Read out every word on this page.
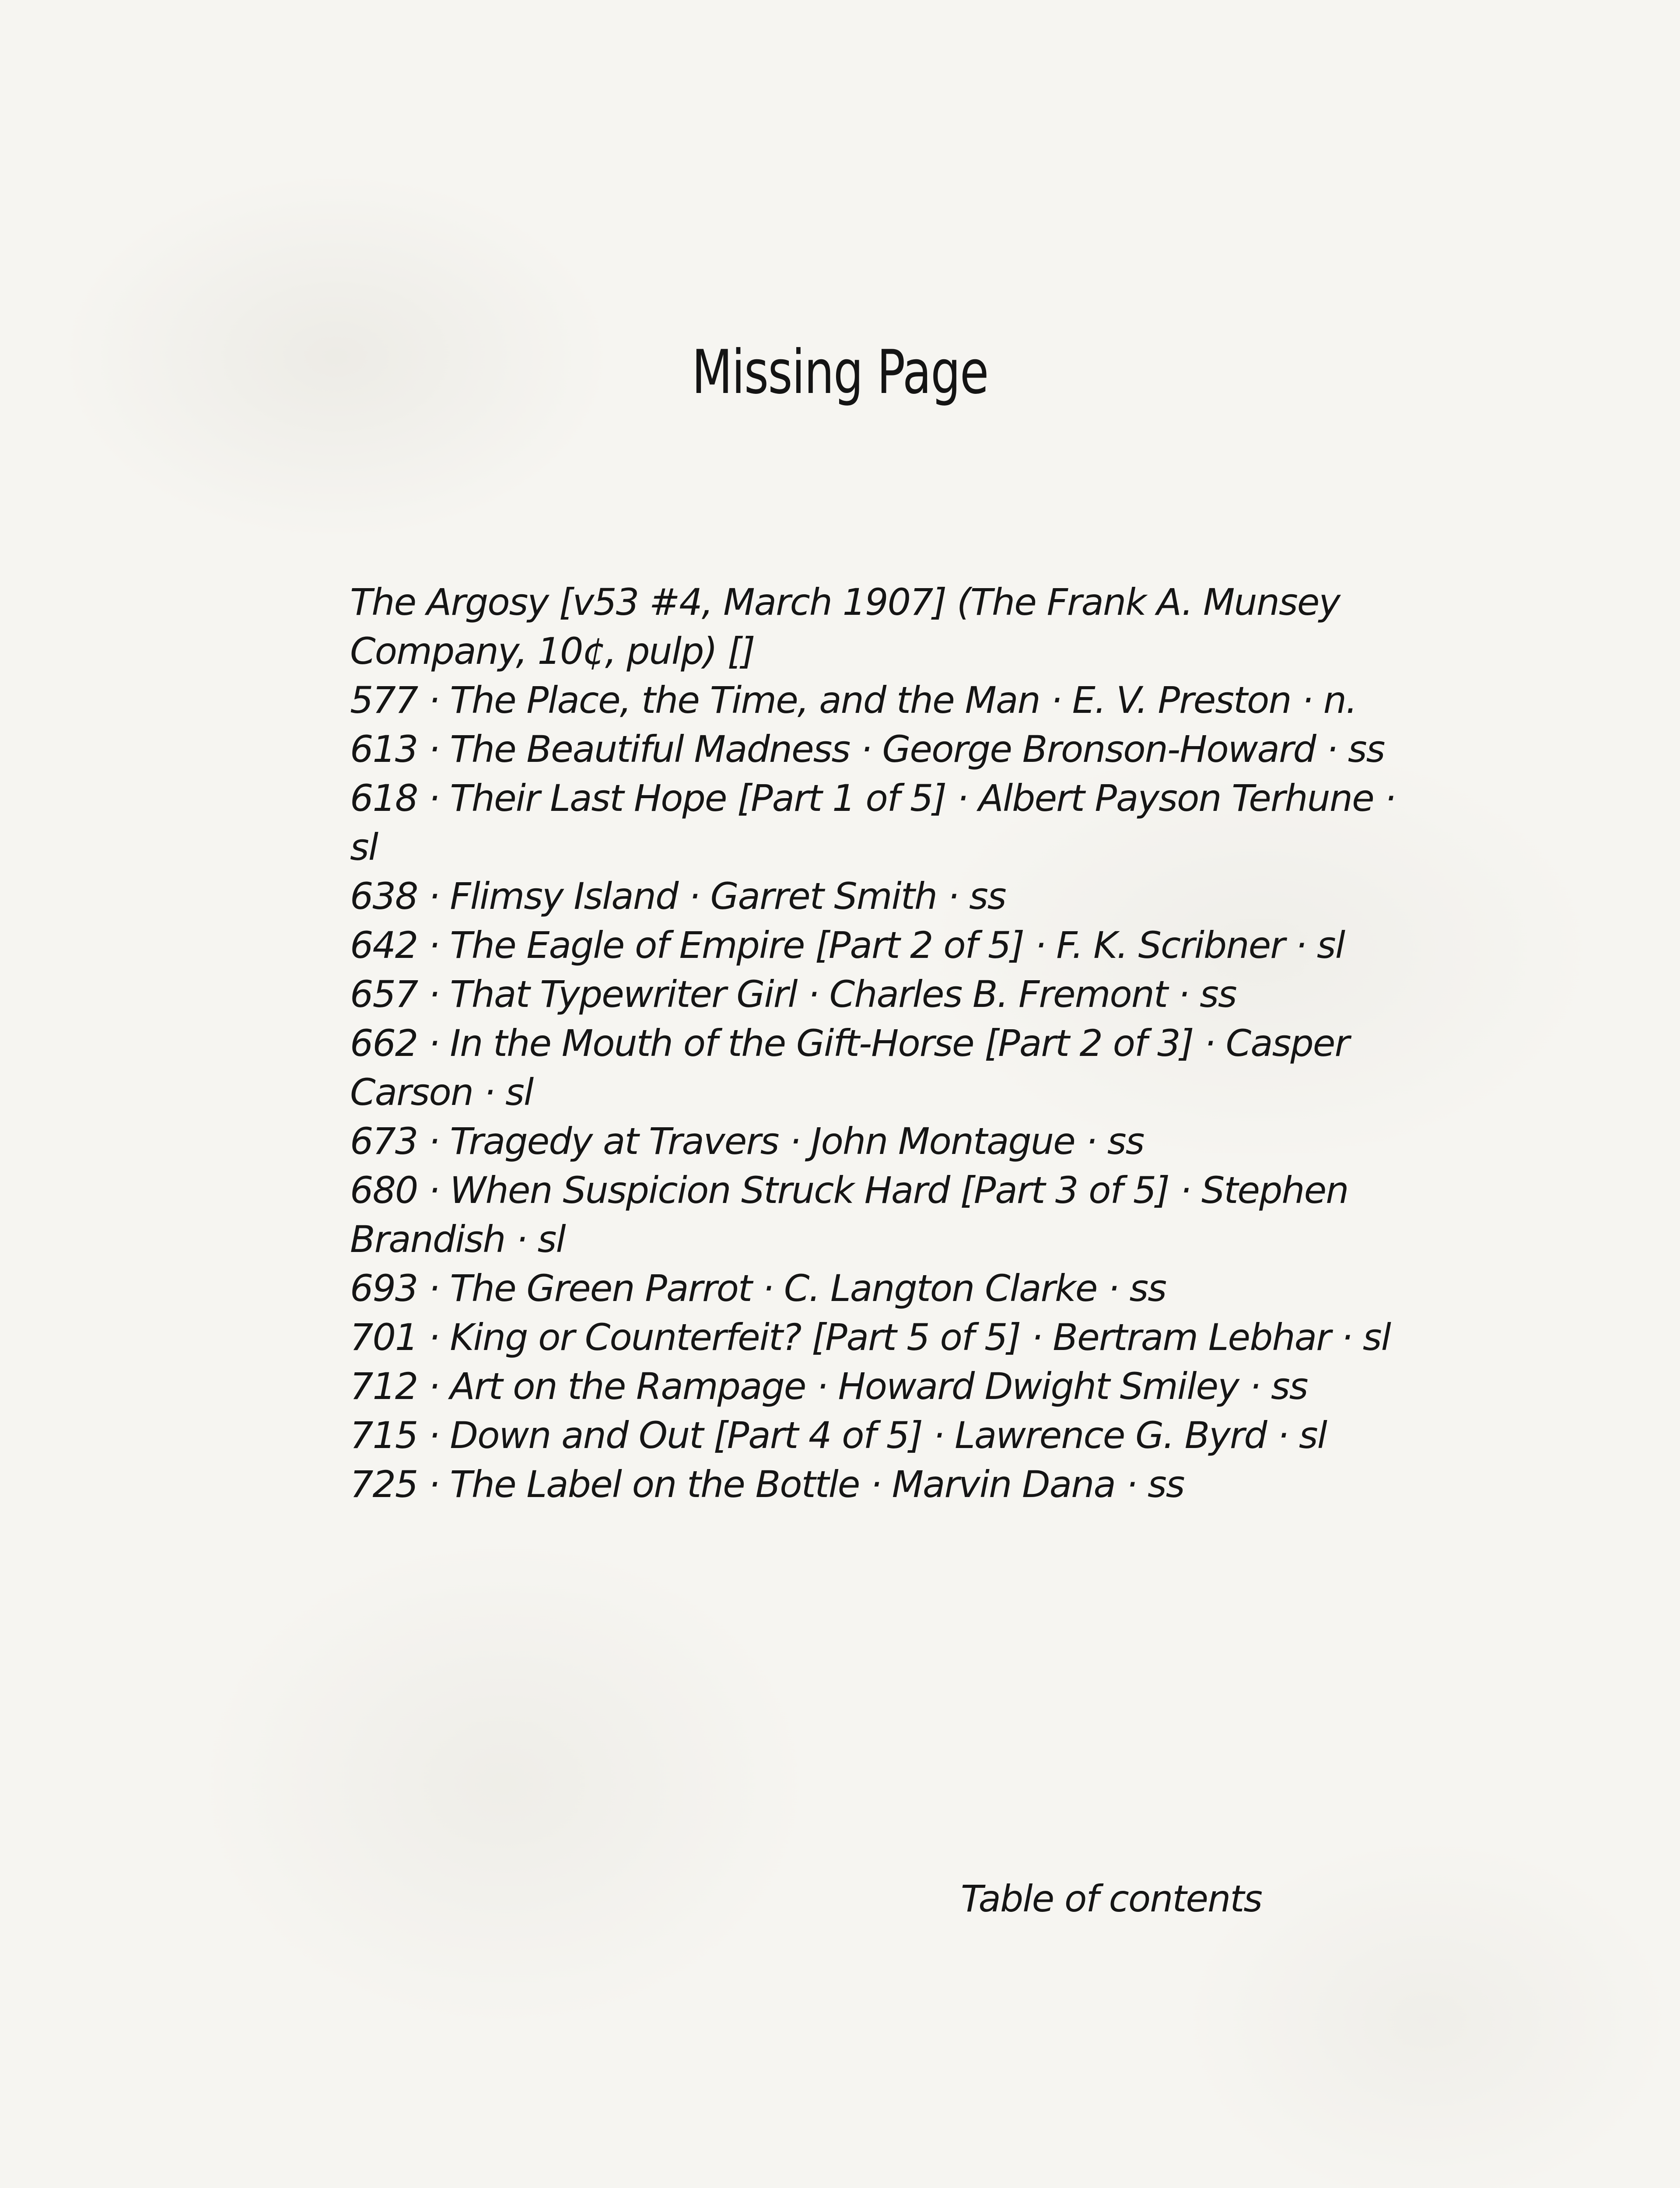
Missing Page
The Argosy [v53 #4, March 1907] (The Frank A. Munsey
Company, 10¢, pulp) []
577 · The Place, the Time, and the Man · E. V. Preston · n.
613 · The Beautiful Madness · George Bronson-Howard · ss
618 · Their Last Hope [Part 1 of 5] · Albert Payson Terhune ·
sl
638 · Flimsy Island · Garret Smith · ss
642 · The Eagle of Empire [Part 2 of 5] · F. K. Scribner · sl
657 · That Typewriter Girl · Charles B. Fremont · ss
662 · In the Mouth of the Gift-Horse [Part 2 of 3] · Casper
Carson · sl
673 · Tragedy at Travers · John Montague · ss
680 · When Suspicion Struck Hard [Part 3 of 5] · Stephen
Brandish · sl
693 · The Green Parrot · C. Langton Clarke · ss
701 · King or Counterfeit? [Part 5 of 5] · Bertram Lebhar · sl
712 · Art on the Rampage · Howard Dwight Smiley · ss
715 · Down and Out [Part 4 of 5] · Lawrence G. Byrd · sl
725 · The Label on the Bottle · Marvin Dana · ss
Table of contents
